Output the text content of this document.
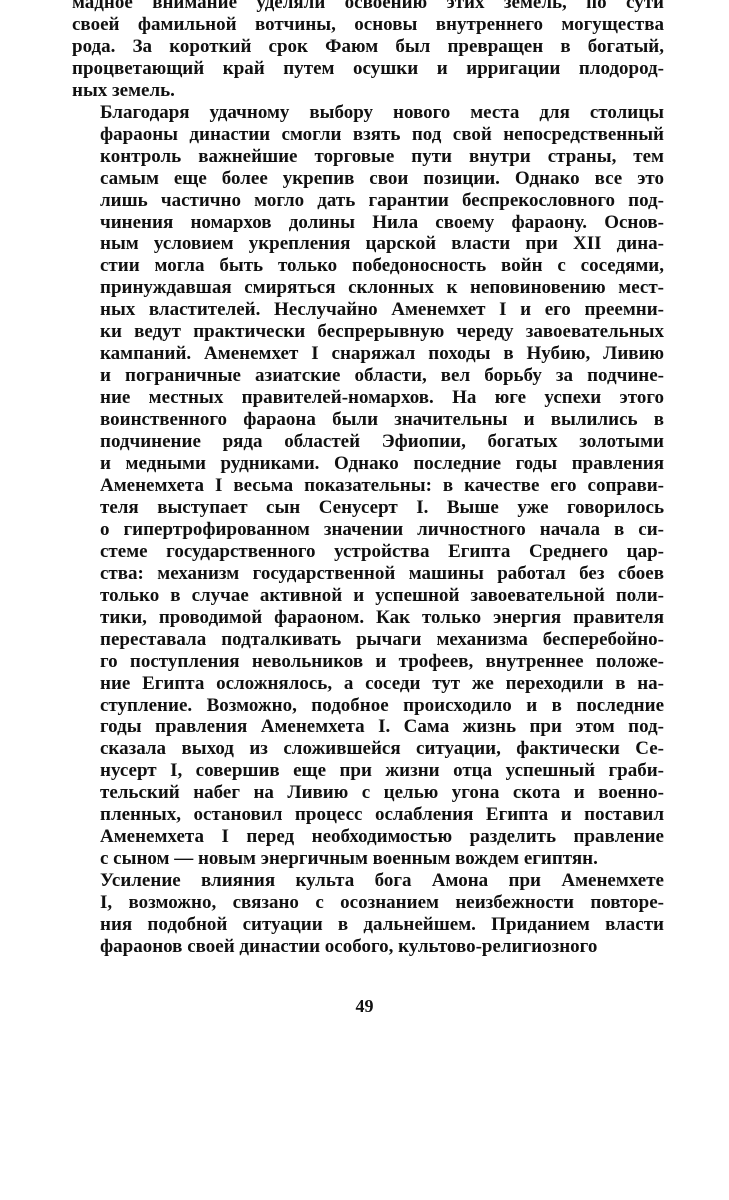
мадное внимание уделяли освоению этих земель, по сути
своей фамильной вотчины, основы внутреннего могущества
рода. За короткий срок Фаюм был превращен в богатый,
процветающий край путем осушки и ирригации плодород-
ных земель.

Благодаря удачному выбору нового места для столицы
фараоны династии смогли взять под свой непосредственный
контроль важнейшие торговые пути внутри страны, тем
самым еще более укрепив свои позиции. Однако все это
лишь частично могло дать гарантии беспрекословного под-
чинения номархов долины Нила своему фараону. Основ-
ным условием укрепления царской власти при XII дина-
стии могла быть только победоносность войн с соседями,
принуждавшая смиряться склонных к неповиновению мест-
ных властителей. Неслучайно Аменемхет I и его преемни-
ки ведут практически беспрерывную череду завоевательных
кампаний. Аменемхет I снаряжал походы в Нубию, Ливию
и пограничные азиатские области, вел борьбу за подчине-
ние местных правителей-номархов. На юге успехи этого
воинственного фараона были значительны и вылились в
подчинение ряда областей Эфиопии, богатых золотыми
и медными рудниками. Однако последние годы правления
Аменемхета I весьма показательны: в качестве его соправи-
теля выступает сын Сенусерт I. Выше уже говорилось
о гипертрофированном значении личностного начала в си-
стеме государственного устройства Египта Среднего цар-
ства: механизм государственной машины работал без сбоев
только в случае активной и успешной завоевательной поли-
тики, проводимой фараоном. Как только энергия правителя
переставала подталкивать рычаги механизма бесперебойно-
го поступления невольников и трофеев, внутреннее положе-
ние Египта осложнялось, а соседи тут же переходили в на-
ступление. Возможно, подобное происходило и в последние
годы правления Аменемхета I. Сама жизнь при этом под-
сказала выход из сложившейся ситуации, фактически Се-
нусерт I, совершив еще при жизни отца успешный граби-
тельский набег на Ливию с целью угона скота и военно-
пленных, остановил процесс ослабления Египта и поставил
Аменемхета I перед необходимостью разделить правление
с сыном — новым энергичным военным вождем египтян.

Усиление влияния культа бога Амона при Аменемхете
I, возможно, связано с осознанием неизбежности повторе-
ния подобной ситуации в дальнейшем. Приданием власти
фараонов своей династии особого, культово-религиозного

49
